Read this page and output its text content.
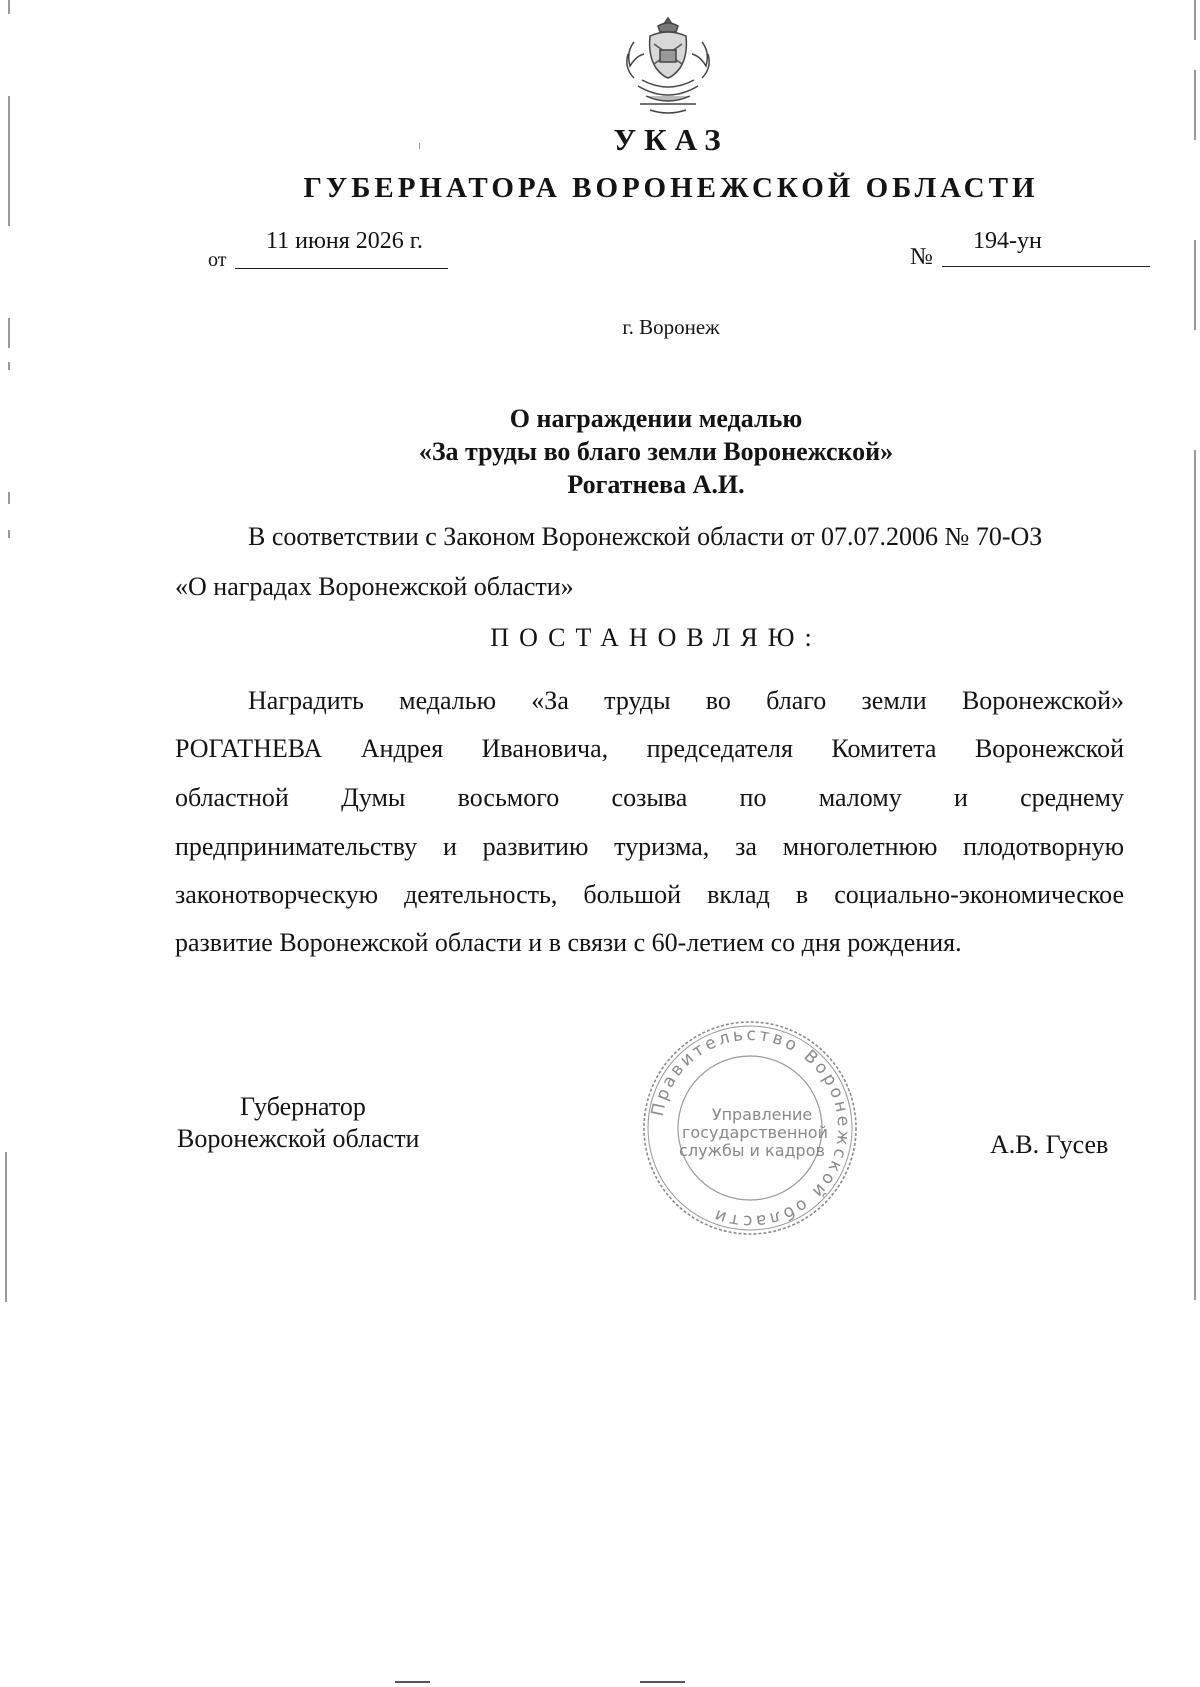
УКАЗ
ГУБЕРНАТОРА ВОРОНЕЖСКОЙ ОБЛАСТИ
от
11 июня 2026 г.
№
194-ун

г. Воронеж

О награждении медалью
«За труды во благо земли Воронежской»
Рогатнева А.И.

В соответствии с Законом Воронежской области от 07.07.2006 № 70-ОЗ

«О наградах Воронежской области»

ПОСТАНОВЛЯЮ:

Наградить медалью «За труды во благо земли Воронежской»

РОГАТНЕВА Андрея Ивановича, председателя Комитета Воронежской

областной Думы восьмого созыва по малому и среднему

предпринимательству и развитию туризма, за многолетнюю плодотворную

законотворческую деятельность, большой вклад в социально-экономическое

развитие Воронежской области и в связи с 60-летием со дня рождения.

Губернатор

Воронежской области	А.В. Гусев

Правительство Воронежской области
Управление
государственной
службы и кадров
